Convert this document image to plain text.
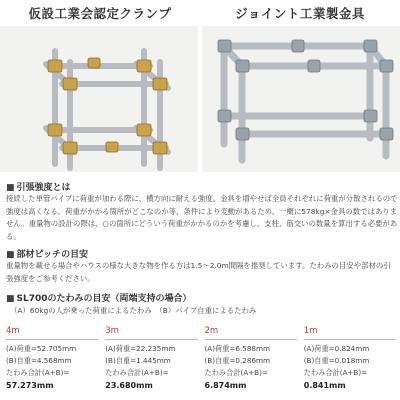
仮設工業会認定クランプ	ジョイント工業製金具
■ 引張強度とは
接続した単管パイプに荷重が加わる際に、横方向に耐える強度。金具を増やせば全員それぞれに荷重が分散されるので強度は高くなる。荷重がかかる箇所がどこなのか等、条件により変動があるため、一概に578kg×金具の数ではありません。重量物の設計の際は、○の箇所にどういう荷重がかかるのかを考慮し、支柱、筋交いの数量を算出する必要がある。
■ 部材ピッチの目安
重量物を載せる場合やハウスの様な大きな物を作る方は1.5〜2.0m間隔を推奨しています。たわみの目安や部材の引張強度をご参考ください。
■ SL700のたわみの目安（両端支持の場合）
（A）60kgの人が乗った荷重によるたわみ　（B）パイプ自重によるたわみ
4m
(A)荷重=52.705mm
(B)自重=4.568mm
たわみ合計(A+B)=
57.273mm
3m
(A)荷重=22.235mm
(B)自重=1.445mm
たわみ合計(A+B)=
23.680mm
2m
(A)荷重=6.588mm
(B)自重=0.286mm
たわみ合計(A+B)=
6.874mm
1m
(A)荷重=0.824mm
(B)自重=0.018mm
たわみ合計(A+B)=
0.841mm
